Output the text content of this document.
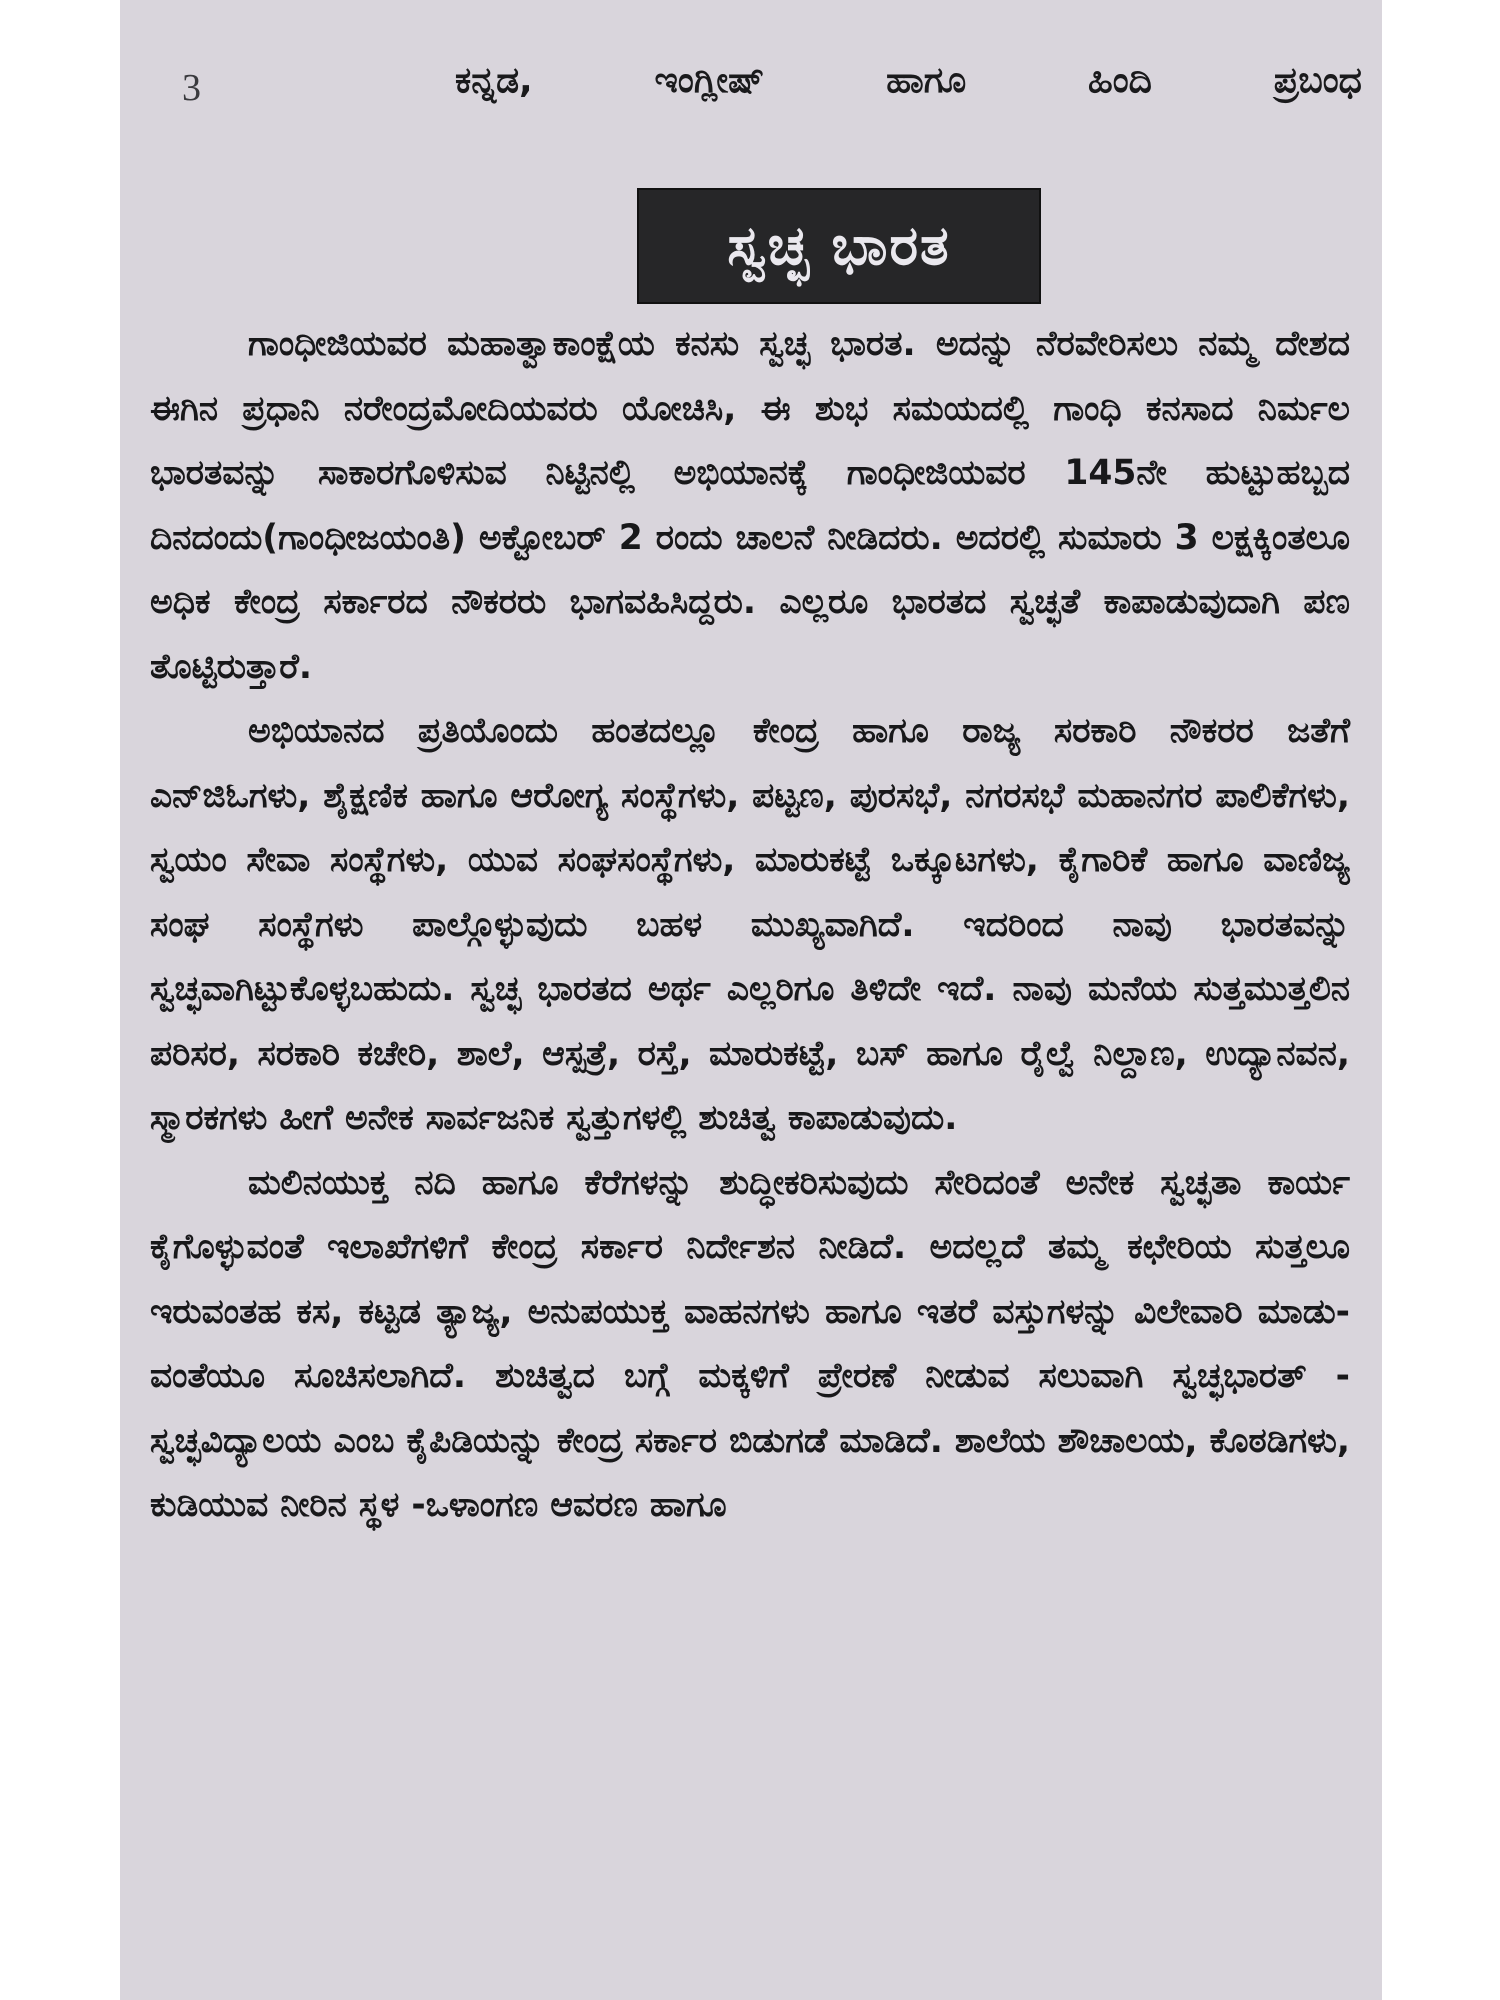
3	ಕನ್ನಡ,	ಇಂಗ್ಲೀಷ್	ಹಾಗೂ	ಹಿಂದಿ	ಪ್ರಬಂಧ
ಸ್ವಚ್ಛ ಭಾರತ

ಗಾಂಧೀಜಿಯವರ ಮಹಾತ್ವಾಕಾಂಕ್ಷೆಯ ಕನಸು ಸ್ವಚ್ಛ ಭಾರತ. ಅದನ್ನು ನೆರವೇರಿಸಲು ನಮ್ಮ ದೇಶದ ಈಗಿನ ಪ್ರಧಾನಿ ನರೇಂದ್ರಮೋದಿಯವರು ಯೋಚಿಸಿ, ಈ ಶುಭ ಸಮಯದಲ್ಲಿ ಗಾಂಧಿ ಕನಸಾದ ನಿರ್ಮಲ ಭಾರತವನ್ನು ಸಾಕಾರಗೊಳಿಸುವ ನಿಟ್ಟಿನಲ್ಲಿ ಅಭಿಯಾನಕ್ಕೆ ಗಾಂಧೀಜಿಯವರ 145ನೇ ಹುಟ್ಟುಹಬ್ಬದ ದಿನದಂದು(ಗಾಂಧೀಜಯಂತಿ) ಅಕ್ಟೋಬರ್ 2 ರಂದು ಚಾಲನೆ ನೀಡಿದರು. ಅದರಲ್ಲಿ ಸುಮಾರು 3 ಲಕ್ಷಕ್ಕಿಂತಲೂ ಅಧಿಕ ಕೇಂದ್ರ ಸರ್ಕಾರದ ನೌಕರರು ಭಾಗವಹಿಸಿದ್ದರು. ಎಲ್ಲರೂ ಭಾರತದ ಸ್ವಚ್ಛತೆ ಕಾಪಾಡುವುದಾಗಿ ಪಣ ತೊಟ್ಟಿರುತ್ತಾರೆ.

ಅಭಿಯಾನದ ಪ್ರತಿಯೊಂದು ಹಂತದಲ್ಲೂ ಕೇಂದ್ರ ಹಾಗೂ ರಾಜ್ಯ ಸರಕಾರಿ ನೌಕರರ ಜತೆಗೆ ಎನ್‌ಜಿಓಗಳು, ಶೈಕ್ಷಣಿಕ ಹಾಗೂ ಆರೋಗ್ಯ ಸಂಸ್ಥೆಗಳು, ಪಟ್ಟಣ, ಪುರಸಭೆ, ನಗರಸಭೆ ಮಹಾನಗರ ಪಾಲಿಕೆಗಳು, ಸ್ವಯಂ ಸೇವಾ ಸಂಸ್ಥೆಗಳು, ಯುವ ಸಂಘಸಂಸ್ಥೆಗಳು, ಮಾರುಕಟ್ಟೆ ಒಕ್ಕೂಟಗಳು, ಕೈಗಾರಿಕೆ ಹಾಗೂ ವಾಣಿಜ್ಯ ಸಂಘ ಸಂಸ್ಥೆಗಳು ಪಾಲ್ಗೊಳ್ಳುವುದು ಬಹಳ ಮುಖ್ಯವಾಗಿದೆ. ಇದರಿಂದ ನಾವು ಭಾರತವನ್ನು ಸ್ವಚ್ಛವಾಗಿಟ್ಟುಕೊಳ್ಳಬಹುದು. ಸ್ವಚ್ಛ ಭಾರತದ ಅರ್ಥ ಎಲ್ಲರಿಗೂ ತಿಳಿದೇ ಇದೆ. ನಾವು ಮನೆಯ ಸುತ್ತಮುತ್ತಲಿನ ಪರಿಸರ, ಸರಕಾರಿ ಕಚೇರಿ, ಶಾಲೆ, ಆಸ್ಪತ್ರೆ, ರಸ್ತೆ, ಮಾರುಕಟ್ಟೆ, ಬಸ್ ಹಾಗೂ ರೈಲ್ವೆ ನಿಲ್ದಾಣ, ಉದ್ಯಾನವನ, ಸ್ಮಾರಕಗಳು ಹೀಗೆ ಅನೇಕ ಸಾರ್ವಜನಿಕ ಸ್ವತ್ತುಗಳಲ್ಲಿ ಶುಚಿತ್ವ ಕಾಪಾಡುವುದು.

ಮಲಿನಯುಕ್ತ ನದಿ ಹಾಗೂ ಕೆರೆಗಳನ್ನು ಶುದ್ಧೀಕರಿಸುವುದು ಸೇರಿದಂತೆ ಅನೇಕ ಸ್ವಚ್ಛತಾ ಕಾರ್ಯ ಕೈಗೊಳ್ಳುವಂತೆ ಇಲಾಖೆಗಳಿಗೆ ಕೇಂದ್ರ ಸರ್ಕಾರ ನಿರ್ದೇಶನ ನೀಡಿದೆ. ಅದಲ್ಲದೆ ತಮ್ಮ ಕಛೇರಿಯ ಸುತ್ತಲೂ ಇರುವಂತಹ ಕಸ, ಕಟ್ಟಡ ತ್ಯಾಜ್ಯ, ಅನುಪಯುಕ್ತ ವಾಹನಗಳು ಹಾಗೂ ಇತರೆ ವಸ್ತುಗಳನ್ನು ವಿಲೇವಾರಿ ಮಾಡು- ವಂತೆಯೂ ಸೂಚಿಸಲಾಗಿದೆ. ಶುಚಿತ್ವದ ಬಗ್ಗೆ ಮಕ್ಕಳಿಗೆ ಪ್ರೇರಣೆ ನೀಡುವ ಸಲುವಾಗಿ ಸ್ವಚ್ಛಭಾರತ್ - ಸ್ವಚ್ಛವಿದ್ಯಾಲಯ ಎಂಬ ಕೈಪಿಡಿಯನ್ನು ಕೇಂದ್ರ ಸರ್ಕಾರ ಬಿಡುಗಡೆ ಮಾಡಿದೆ. ಶಾಲೆಯ ಶೌಚಾಲಯ, ಕೊಠಡಿಗಳು, ಕುಡಿಯುವ ನೀರಿನ ಸ್ಥಳ -ಒಳಾಂಗಣ ಆವರಣ ಹಾಗೂ
